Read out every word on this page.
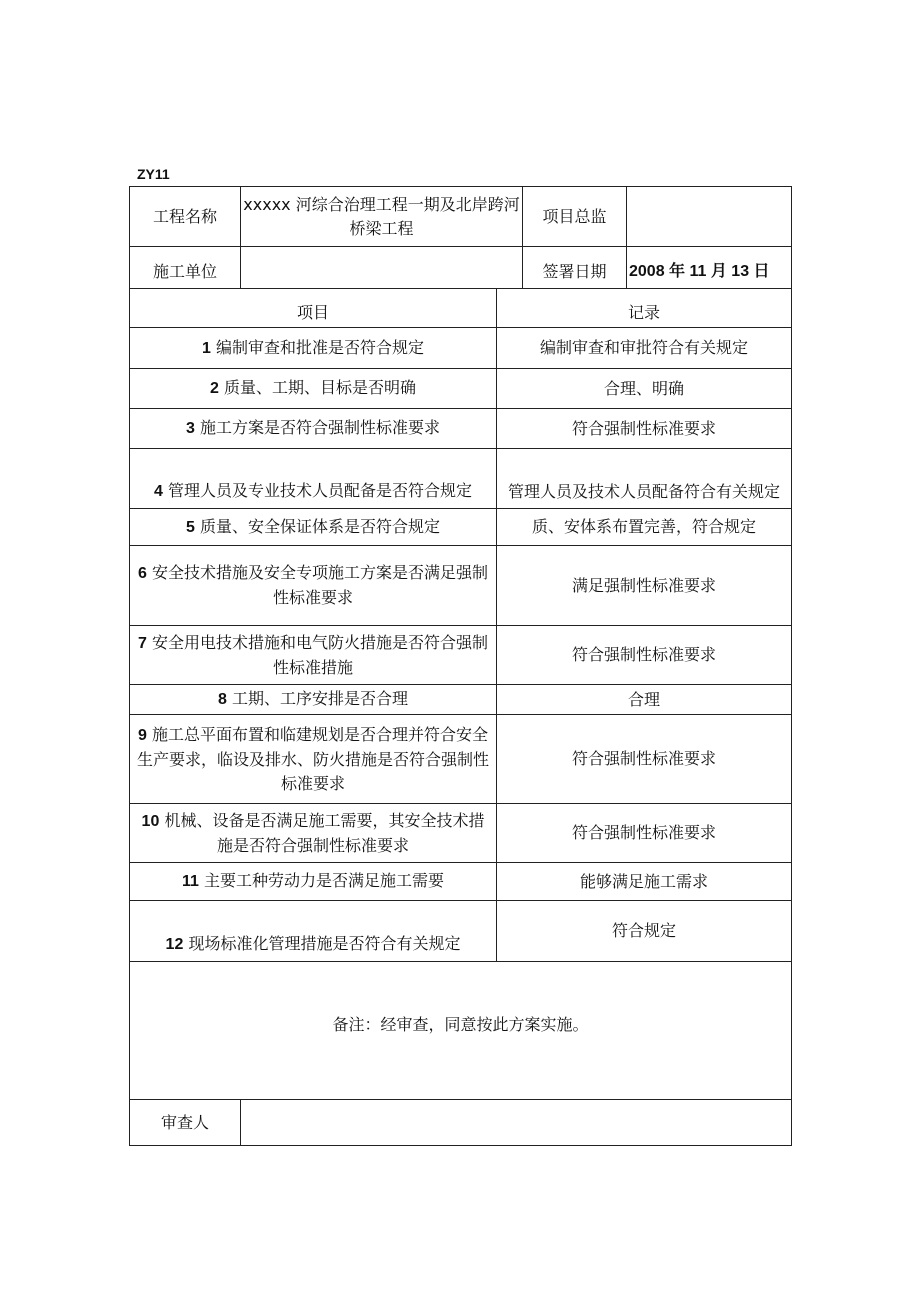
ZY11
工程名称	xxxxx 河综合治理工程一期及北岸跨河桥梁工程		项目总监	
施工单位			签署日期	2008 年 11 月 13 日
项目		记录		
1 编制审查和批准是否符合规定		编制审查和审批符合有关规定		
2 质量、工期、目标是否明确		合理、明确		
3 施工方案是否符合强制性标准要求		符合强制性标准要求		
4 管理人员及专业技术人员配备是否符合规定		管理人员及技术人员配备符合有关规定		
5 质量、安全保证体系是否符合规定		质、安体系布置完善，符合规定		
6 安全技术措施及安全专项施工方案是否满足强制性标准要求		满足强制性标准要求		
7 安全用电技术措施和电气防火措施是否符合强制性标准措施		符合强制性标准要求		
8 工期、工序安排是否合理		合理		
9 施工总平面布置和临建规划是否合理并符合安全生产要求，临设及排水、防火措施是否符合强制性标准要求		符合强制性标准要求		
10 机械、设备是否满足施工需要，其安全技术措施是否符合强制性标准要求		符合强制性标准要求		
11 主要工种劳动力是否满足施工需要		能够满足施工需求		
12 现场标准化管理措施是否符合有关规定		符合规定		
备注：经审查，同意按此方案实施。				
审查人				
